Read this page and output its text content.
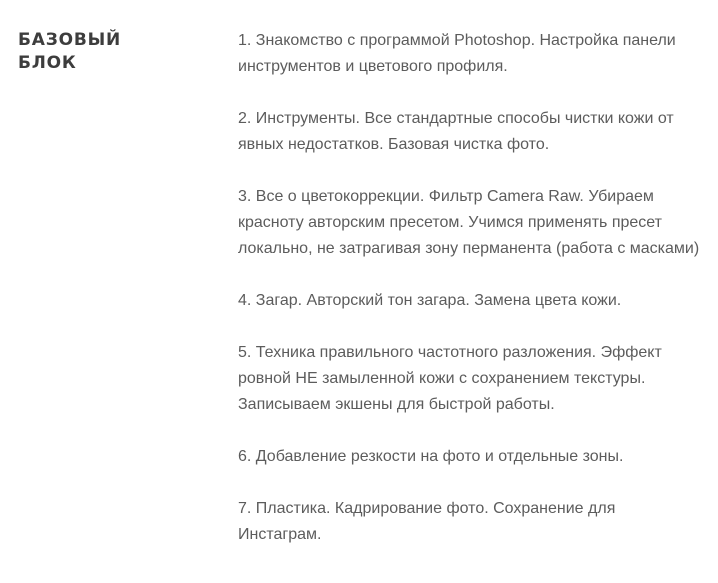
БАЗОВЫЙ
БЛОК
1. Знакомство с программой Photoshop. Настройка панели инструментов и цветового профиля.
2. Инструменты. Все стандартные способы чистки кожи от явных недостатков. Базовая чистка фото.
3. Все о цветокоррекции. Фильтр Camera Raw. Убираем красноту авторским пресетом. Учимся применять пресет локально, не затрагивая зону перманента (работа с масками)
4. Загар. Авторский тон загара. Замена цвета кожи.
5. Техника правильного частотного разложения. Эффект ровной НЕ замыленной кожи с сохранением текстуры. Записываем экшены для быстрой работы.
6. Добавление резкости на фото и отдельные зоны.
7. Пластика. Кадрирование фото. Сохранение для Инстаграм.
